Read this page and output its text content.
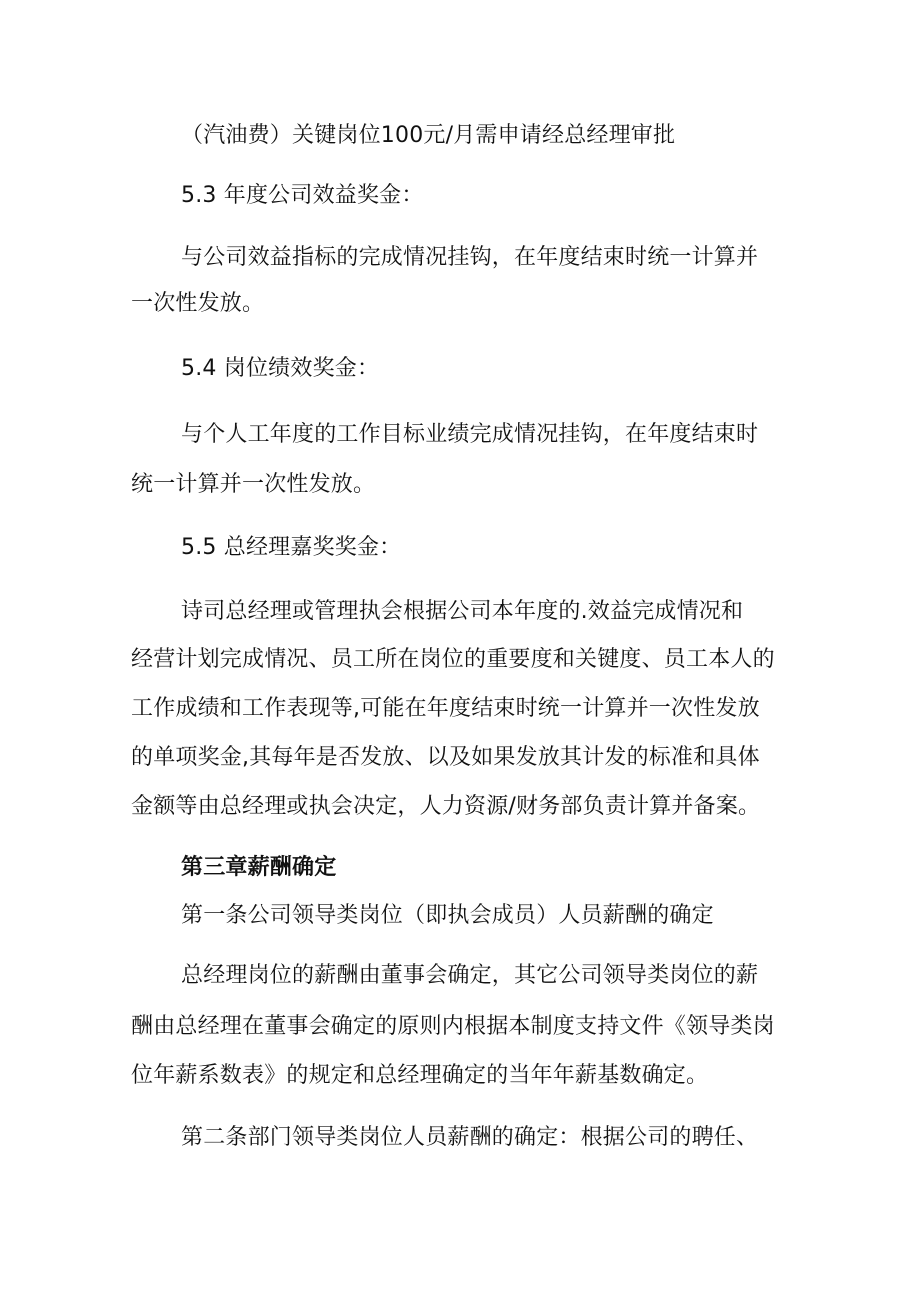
（汽油费）关键岗位100元/月需申请经总经理审批
5.3 年度公司效益奖金：
与公司效益指标的完成情况挂钩，在年度结束时统一计算并
一次性发放。
5.4 岗位绩效奖金：
与个人工年度的工作目标业绩完成情况挂钩，在年度结束时
统一计算并一次性发放。
5.5 总经理嘉奖奖金：
诗司总经理或管理执会根据公司本年度的.效益完成情况和
经营计划完成情况、员工所在岗位的重要度和关键度、员工本人的
工作成绩和工作表现等,可能在年度结束时统一计算并一次性发放
的单项奖金,其每年是否发放、以及如果发放其计发的标准和具体
金额等由总经理或执会决定，人力资源/财务部负责计算并备案。
第三章薪酬确定
第一条公司领导类岗位（即执会成员）人员薪酬的确定
总经理岗位的薪酬由董事会确定，其它公司领导类岗位的薪
酬由总经理在董事会确定的原则内根据本制度支持文件《领导类岗
位年薪系数表》的规定和总经理确定的当年年薪基数确定。
第二条部门领导类岗位人员薪酬的确定：根据公司的聘任、
